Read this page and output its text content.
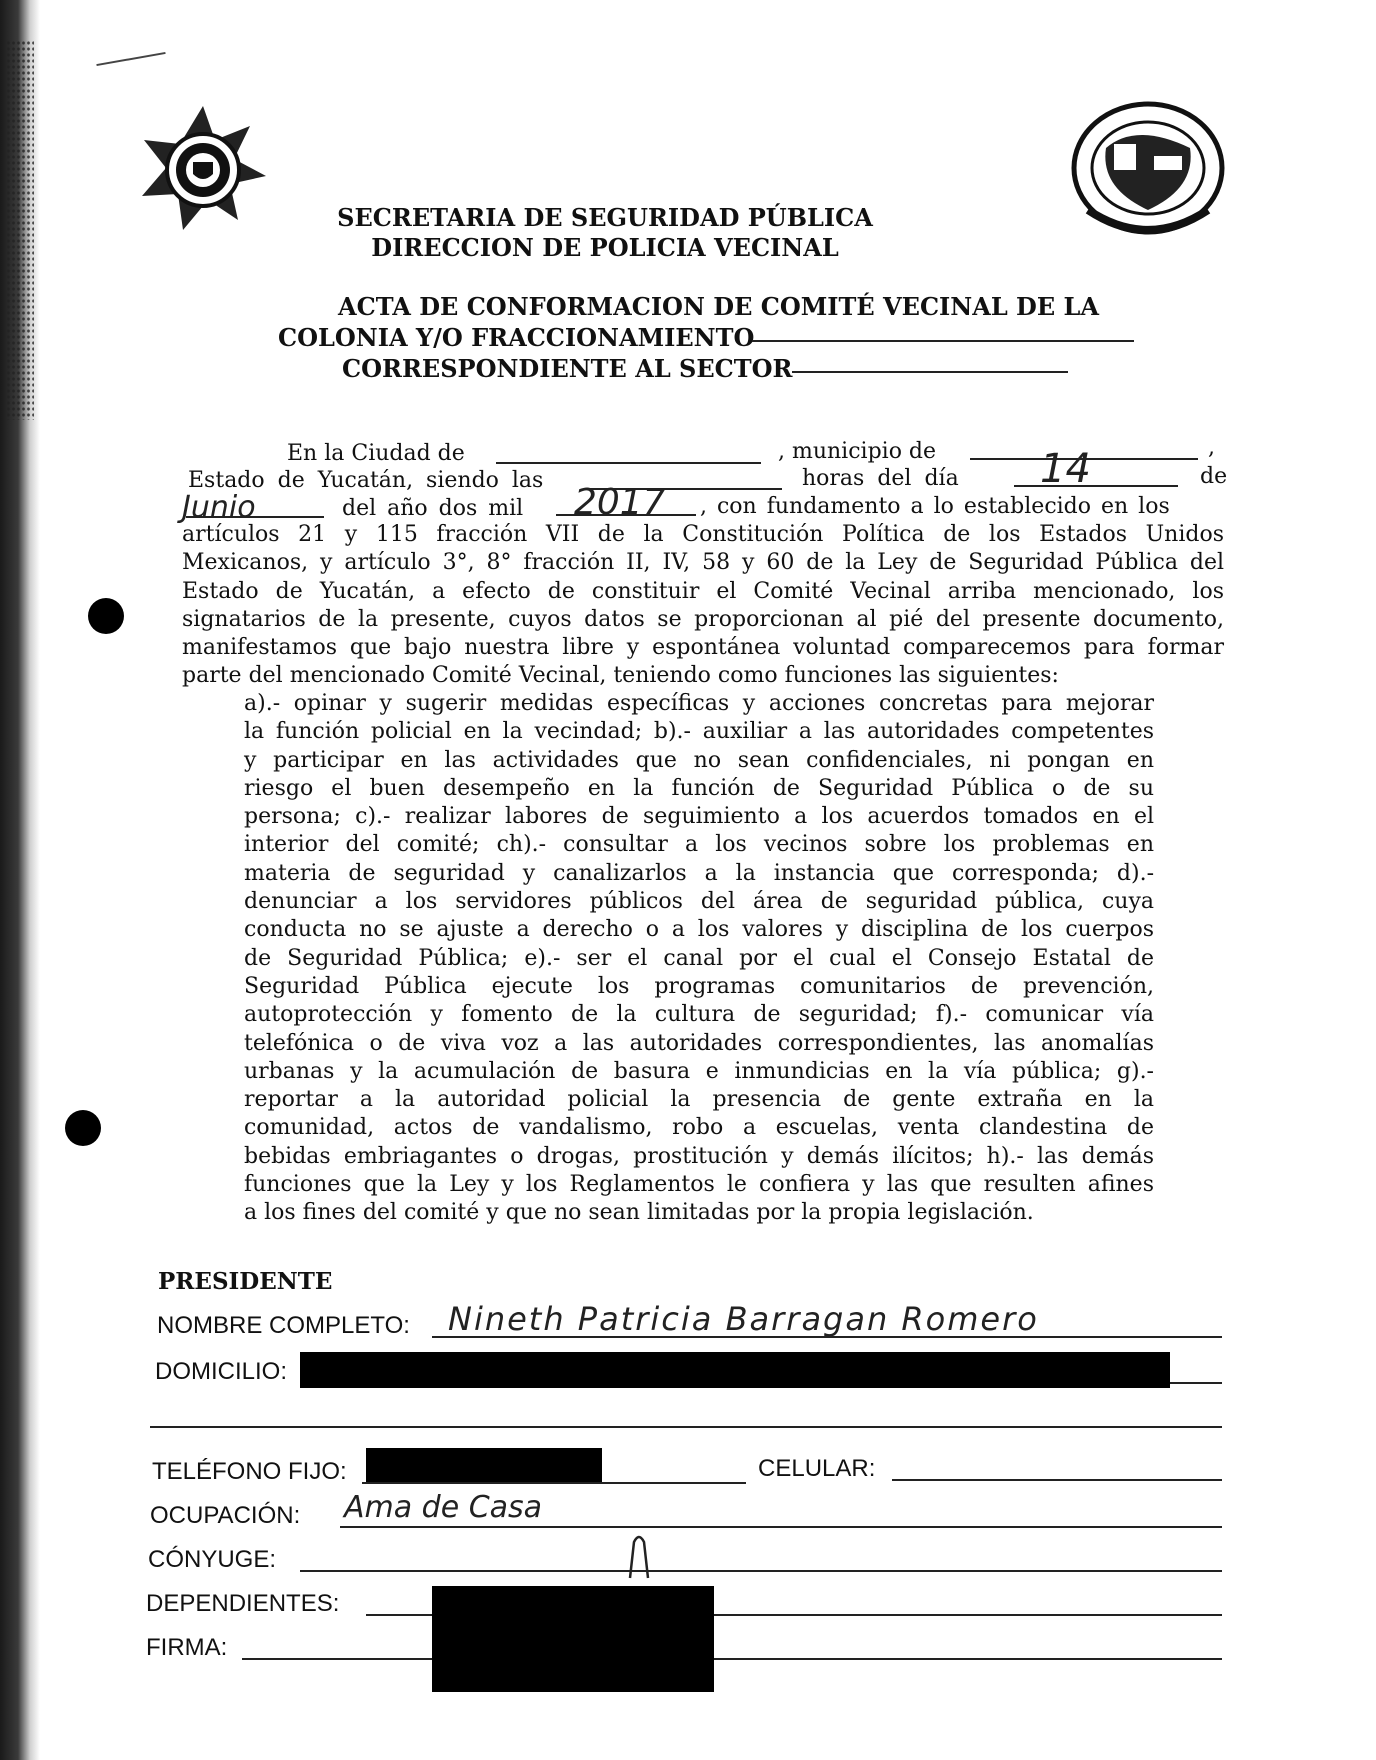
SECRETARIA DE SEGURIDAD PÚBLICA
DIRECCION DE POLICIA VECINAL
ACTA DE CONFORMACION DE COMITÉ VECINAL DE LA
COLONIA Y/O FRACCIONAMIENTO
CORRESPONDIENTE AL SECTOR
En la Ciudad de	, municipio de	,
Estado de Yucatán, siendo las	horas del día 14	de
Junio	del año dos mil 2017 , con fundamento a lo establecido en los
artículos 21 y 115 fracción VII de la Constitución Política de los Estados Unidos
Mexicanos, y artículo 3°, 8° fracción II, IV, 58 y 60 de la Ley de Seguridad Pública del
Estado de Yucatán, a efecto de constituir el Comité Vecinal arriba mencionado, los
signatarios de la presente, cuyos datos se proporcionan al pié del presente documento,
manifestamos que bajo nuestra libre y espontánea voluntad comparecemos para formar
parte del mencionado Comité Vecinal, teniendo como funciones las siguientes:
a).- opinar y sugerir medidas específicas y acciones concretas para mejorar
la función policial en la vecindad; b).- auxiliar a las autoridades competentes
y participar en las actividades que no sean confidenciales, ni pongan en
riesgo el buen desempeño en la función de Seguridad Pública o de su
persona; c).- realizar labores de seguimiento a los acuerdos tomados en el
interior del comité; ch).- consultar a los vecinos sobre los problemas en
materia de seguridad y canalizarlos a la instancia que corresponda; d).-
denunciar a los servidores públicos del área de seguridad pública, cuya
conducta no se ajuste a derecho o a los valores y disciplina de los cuerpos
de Seguridad Pública; e).- ser el canal por el cual el Consejo Estatal de
Seguridad Pública ejecute los programas comunitarios de prevención,
autoprotección y fomento de la cultura de seguridad; f).- comunicar vía
telefónica o de viva voz a las autoridades correspondientes, las anomalías
urbanas y la acumulación de basura e inmundicias en la vía pública; g).-
reportar a la autoridad policial la presencia de gente extraña en la
comunidad, actos de vandalismo, robo a escuelas, venta clandestina de
bebidas embriagantes o drogas, prostitución y demás ilícitos; h).- las demás
funciones que la Ley y los Reglamentos le confiera y las que resulten afines
a los fines del comité y que no sean limitadas por la propia legislación.
PRESIDENTE
NOMBRE COMPLETO: Nineth Patricia Barragan Romero
DOMICILIO:
TELÉFONO FIJO:	CELULAR:
OCUPACIÓN: Ama de Casa
CÓNYUGE:
DEPENDIENTES:
FIRMA:
